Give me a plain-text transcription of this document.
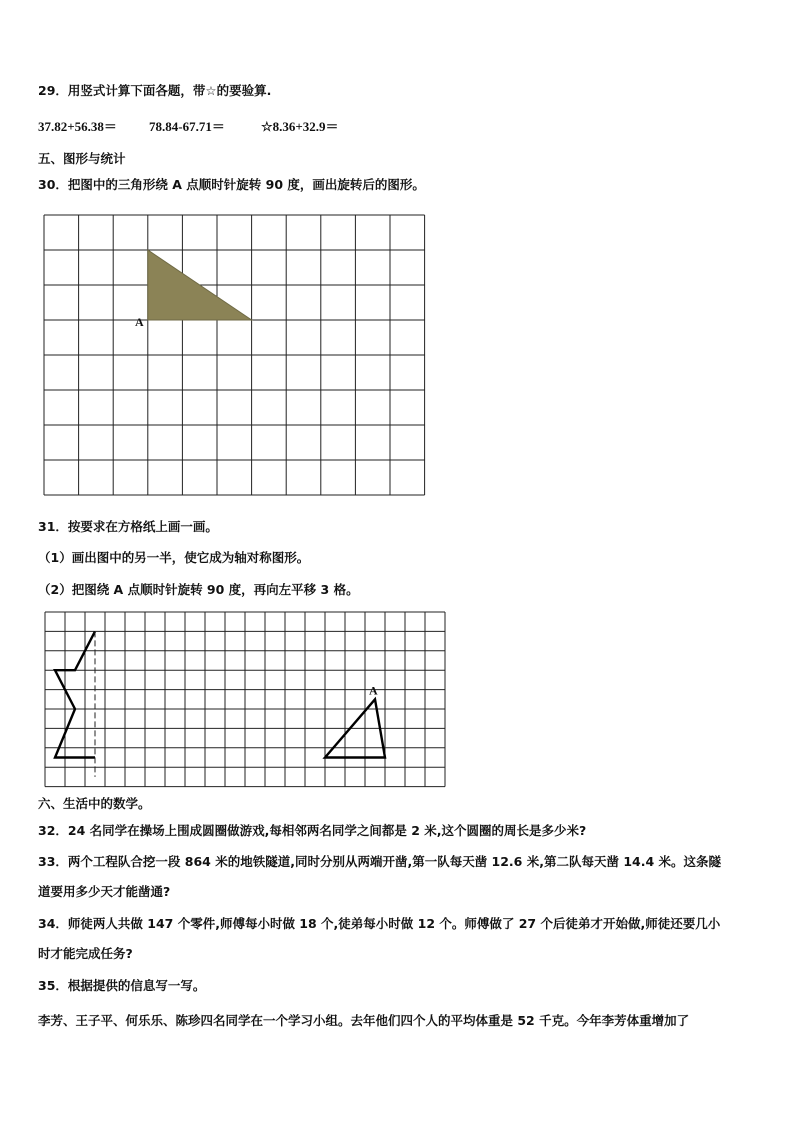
29．用竖式计算下面各题，带☆的要验算.
37.82+56.38＝ 78.84-67.71＝	☆8.36+32.9＝
五、图形与统计
30．把图中的三角形绕 A 点顺时针旋转 90 度，画出旋转后的图形。
A
31．按要求在方格纸上画一画。
（1）画出图中的另一半，使它成为轴对称图形。
（2）把图绕 A 点顺时针旋转 90 度，再向左平移 3 格。
A
六、生活中的数学。
32．24 名同学在操场上围成圆圈做游戏,每相邻两名同学之间都是 2 米,这个圆圈的周长是多少米?
33．两个工程队合挖一段 864 米的地铁隧道,同时分别从两端开凿,第一队每天凿 12.6 米,第二队每天凿 14.4 米。这条隧
道要用多少天才能凿通?
34．师徒两人共做 147 个零件,师傅每小时做 18 个,徒弟每小时做 12 个。师傅做了 27 个后徒弟才开始做,师徒还要几小
时才能完成任务?
35．根据提供的信息写一写。
李芳、王子平、何乐乐、陈珍四名同学在一个学习小组。去年他们四个人的平均体重是 52 千克。今年李芳体重增加了
